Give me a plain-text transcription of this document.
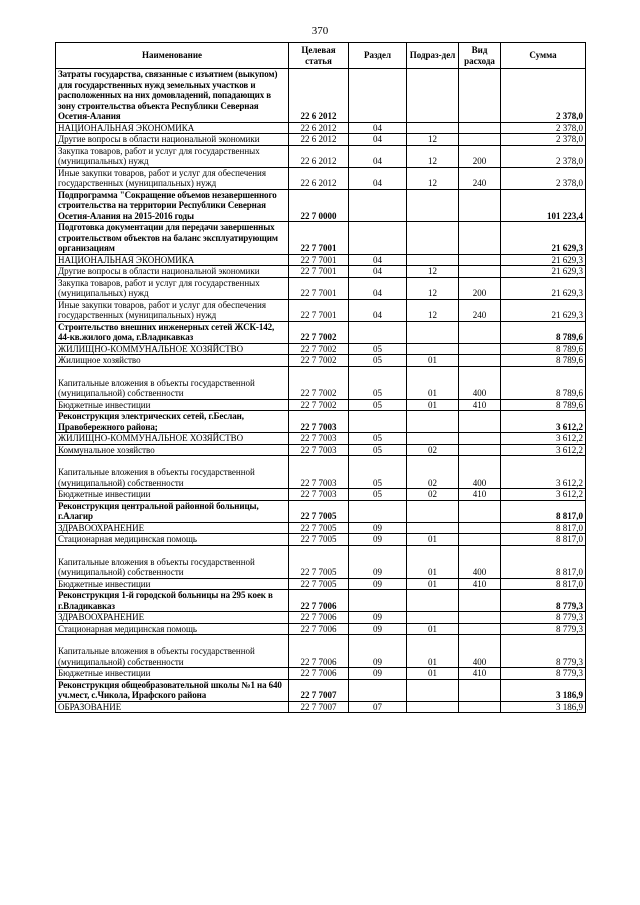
370
Наименование	Целевая статья	Раздел	Подраз-дел	Вид расхода	Сумма
Затраты государства, связанные с изъятием (выкупом) для государственных нужд земельных участков и расположенных на них домовладений, попадающих в зону строительства объекта Республики Северная Осетия-Алания	22 6 2012				2 378,0
НАЦИОНАЛЬНАЯ ЭКОНОМИКА	22 6 2012	04			2 378,0
Другие вопросы в области национальной экономики	22 6 2012	04	12		2 378,0
Закупка товаров, работ и услуг для государственных (муниципальных) нужд	22 6 2012	04	12	200	2 378,0
Иные закупки товаров, работ и услуг для обеспечения государственных (муниципальных) нужд	22 6 2012	04	12	240	2 378,0
Подпрограмма "Сокращение объемов незавершенного строительства на территории Республики Северная Осетия-Алания на 2015-2016 годы	22 7 0000				101 223,4
Подготовка документации для передачи завершенных строительством объектов на баланс эксплуатирующим организациям	22 7 7001				21 629,3
НАЦИОНАЛЬНАЯ ЭКОНОМИКА	22 7 7001	04			21 629,3
Другие вопросы в области национальной экономики	22 7 7001	04	12		21 629,3
Закупка товаров, работ и услуг для государственных (муниципальных) нужд	22 7 7001	04	12	200	21 629,3
Иные закупки товаров, работ и услуг для обеспечения государственных (муниципальных) нужд	22 7 7001	04	12	240	21 629,3
Строительство внешних инженерных сетей ЖСК-142, 44-кв.жилого дома, г.Владикавказ	22 7 7002				8 789,6
ЖИЛИЩНО-КОММУНАЛЬНОЕ ХОЗЯЙСТВО	22 7 7002	05			8 789,6
Жилищное хозяйство	22 7 7002	05	01		8 789,6
Капитальные вложения в объекты государственной (муниципальной) собственности	22 7 7002	05	01	400	8 789,6
Бюджетные инвестиции	22 7 7002	05	01	410	8 789,6
Реконструкция электрических сетей, г.Беслан, Правобережного района;	22 7 7003				3 612,2
ЖИЛИЩНО-КОММУНАЛЬНОЕ ХОЗЯЙСТВО	22 7 7003	05			3 612,2
Коммунальное хозяйство	22 7 7003	05	02		3 612,2
Капитальные вложения в объекты государственной (муниципальной) собственности	22 7 7003	05	02	400	3 612,2
Бюджетные инвестиции	22 7 7003	05	02	410	3 612,2
Реконструкция центральной районной больницы, г.Алагир	22 7 7005				8 817,0
ЗДРАВООХРАНЕНИЕ	22 7 7005	09			8 817,0
Стационарная медицинская помощь	22 7 7005	09	01		8 817,0
Капитальные вложения в объекты государственной (муниципальной) собственности	22 7 7005	09	01	400	8 817,0
Бюджетные инвестиции	22 7 7005	09	01	410	8 817,0
Реконструкция 1-й городской больницы на 295 коек в г.Владикавказ	22 7 7006				8 779,3
ЗДРАВООХРАНЕНИЕ	22 7 7006	09			8 779,3
Стационарная медицинская помощь	22 7 7006	09	01		8 779,3
Капитальные вложения в объекты государственной (муниципальной) собственности	22 7 7006	09	01	400	8 779,3
Бюджетные инвестиции	22 7 7006	09	01	410	8 779,3
Реконструкция общеобразовательной школы №1 на 640 уч.мест, с.Чикола, Ирафского района	22 7 7007				3 186,9
ОБРАЗОВАНИЕ	22 7 7007	07			3 186,9
